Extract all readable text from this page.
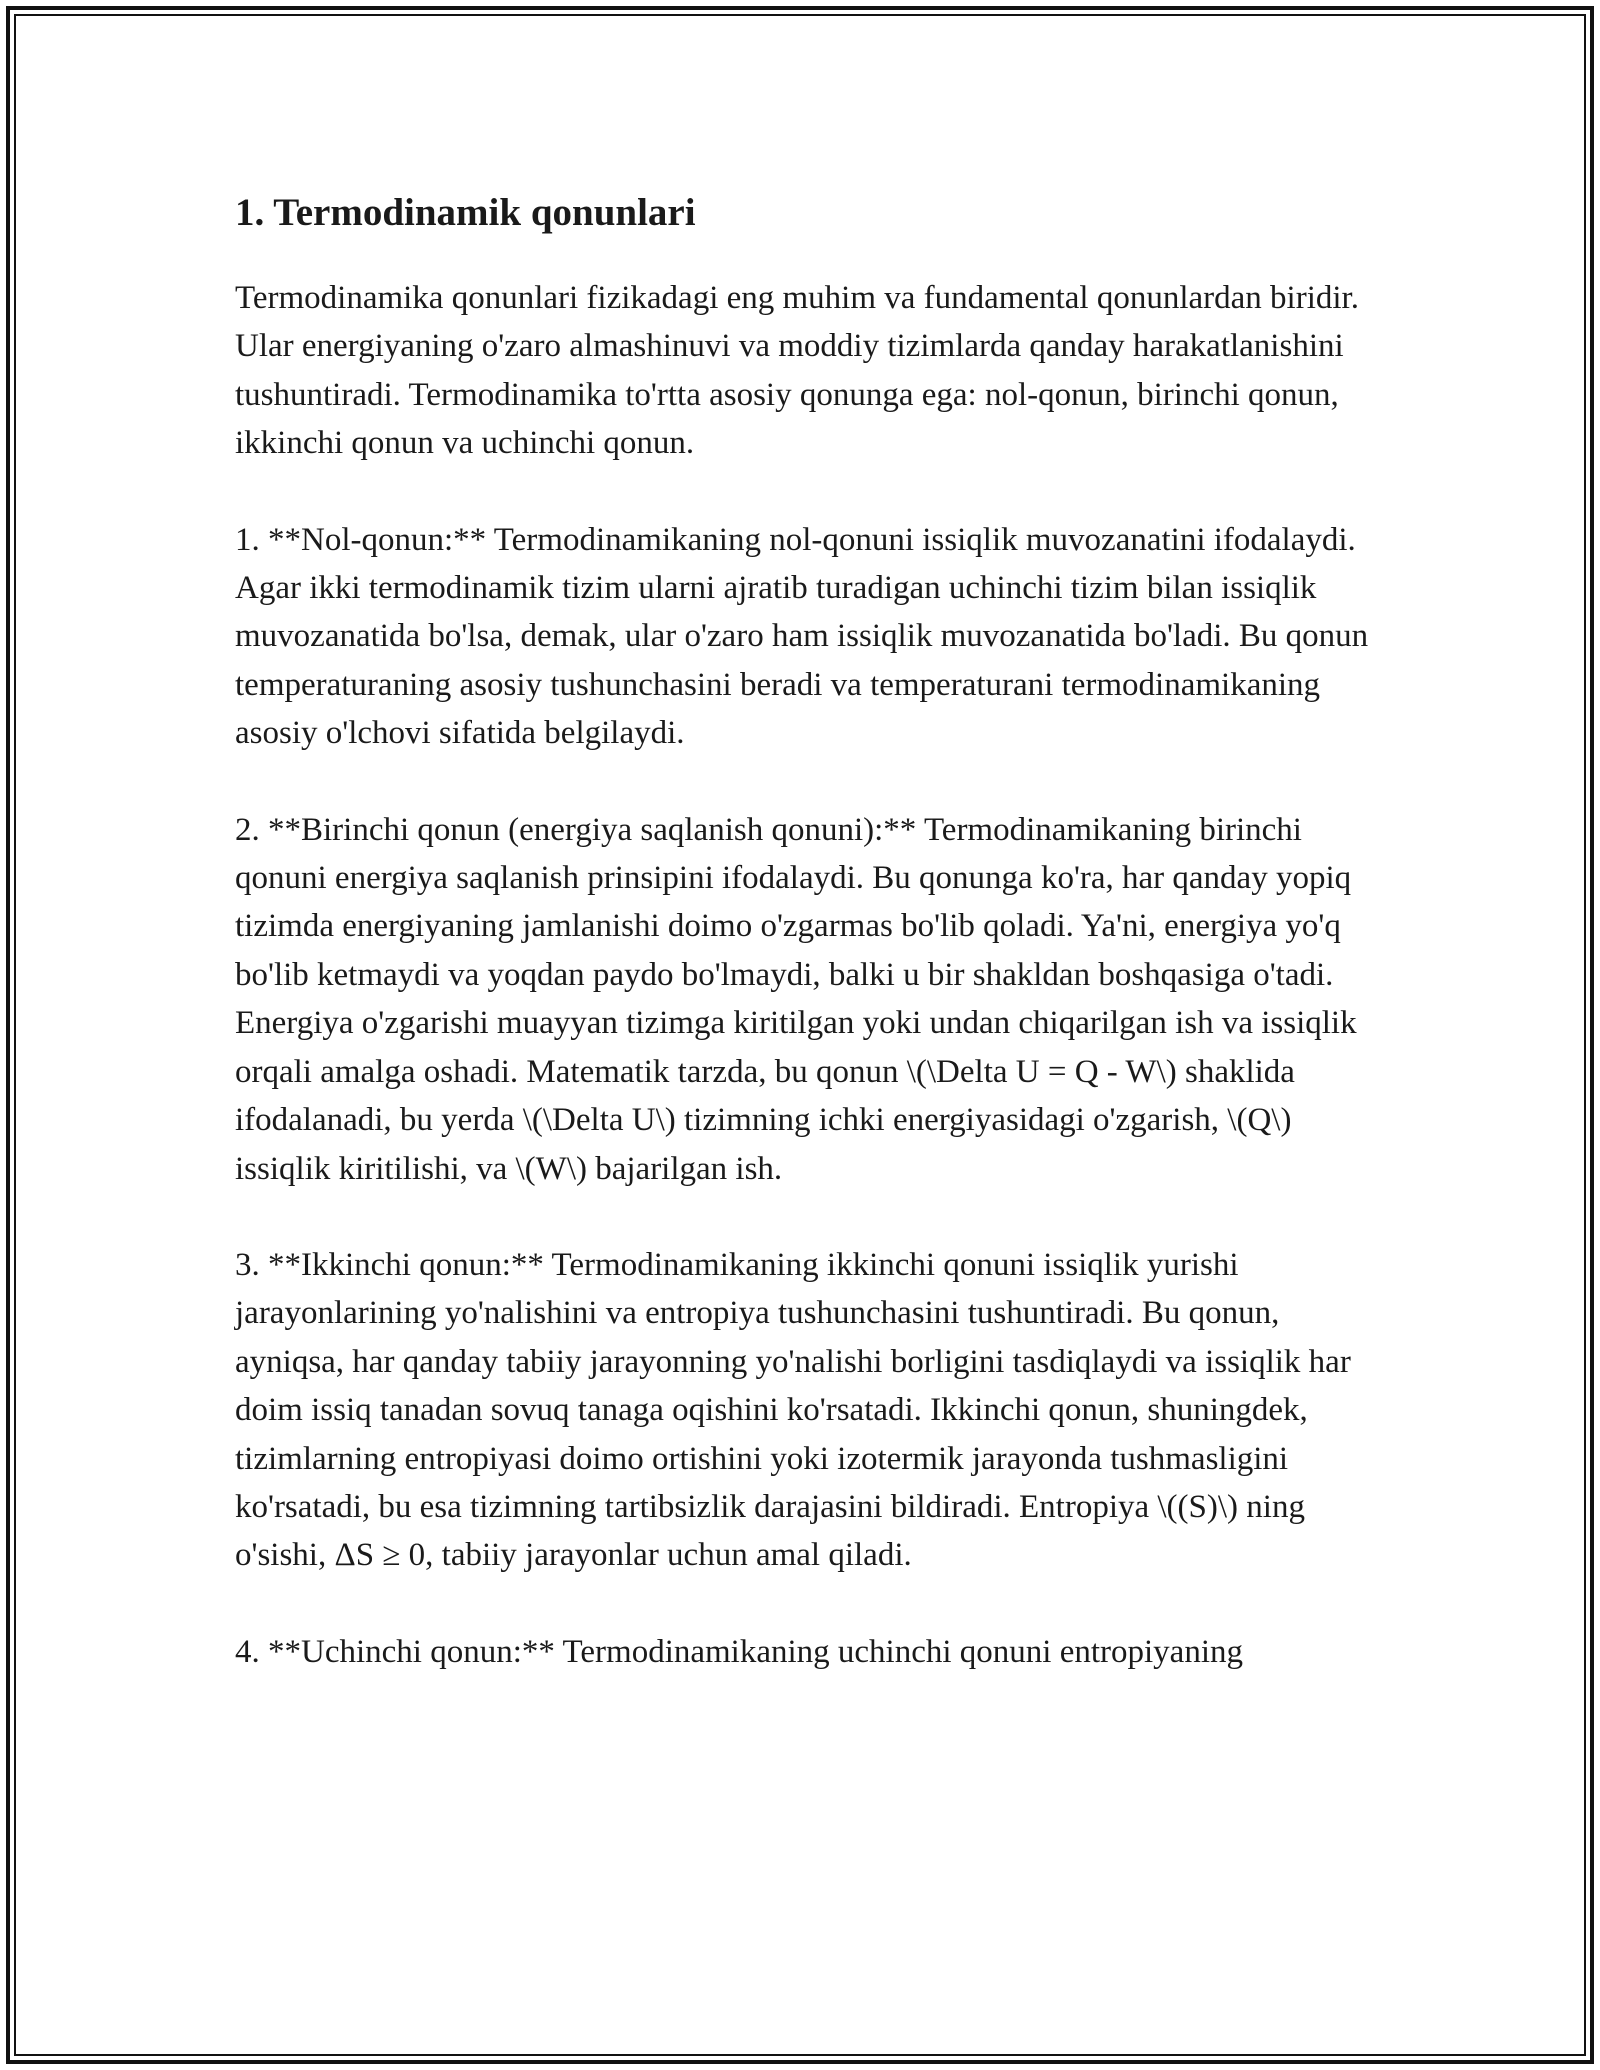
1. Termodinamik qonunlari

Termodinamika qonunlari fizikadagi eng muhim va fundamental qonunlardan biridir. Ular energiyaning o'zaro almashinuvi va moddiy tizimlarda qanday harakatlanishini tushuntiradi. Termodinamika to'rtta asosiy qonunga ega: nol-qonun, birinchi qonun, ikkinchi qonun va uchinchi qonun.

1. **Nol-qonun:** Termodinamikaning nol-qonuni issiqlik muvozanatini ifodalaydi. Agar ikki termodinamik tizim ularni ajratib turadigan uchinchi tizim bilan issiqlik muvozanatida bo'lsa, demak, ular o'zaro ham issiqlik muvozanatida bo'ladi. Bu qonun temperaturaning asosiy tushunchasini beradi va temperaturani termodinamikaning asosiy o'lchovi sifatida belgilaydi.

2. **Birinchi qonun (energiya saqlanish qonuni):** Termodinamikaning birinchi qonuni energiya saqlanish prinsipini ifodalaydi. Bu qonunga ko'ra, har qanday yopiq tizimda energiyaning jamlanishi doimo o'zgarmas bo'lib qoladi. Ya'ni, energiya yo'q bo'lib ketmaydi va yoqdan paydo bo'lmaydi, balki u bir shakldan boshqasiga o'tadi. Energiya o'zgarishi muayyan tizimga kiritilgan yoki undan chiqarilgan ish va issiqlik orqali amalga oshadi. Matematik tarzda, bu qonun \(\Delta U = Q - W\) shaklida ifodalanadi, bu yerda \(\Delta U\) tizimning ichki energiyasidagi o'zgarish, \(Q\) issiqlik kiritilishi, va \(W\) bajarilgan ish.

3. **Ikkinchi qonun:** Termodinamikaning ikkinchi qonuni issiqlik yurishi jarayonlarining yo'nalishini va entropiya tushunchasini tushuntiradi. Bu qonun, ayniqsa, har qanday tabiiy jarayonning yo'nalishi borligini tasdiqlaydi va issiqlik har doim issiq tanadan sovuq tanaga oqishini ko'rsatadi. Ikkinchi qonun, shuningdek, tizimlarning entropiyasi doimo ortishini yoki izotermik jarayonda tushmasligini ko'rsatadi, bu esa tizimning tartibsizlik darajasini bildiradi. Entropiya \((S)\) ning o'sishi, ΔS ≥ 0, tabiiy jarayonlar uchun amal qiladi.

4. **Uchinchi qonun:** Termodinamikaning uchinchi qonuni entropiyaning
